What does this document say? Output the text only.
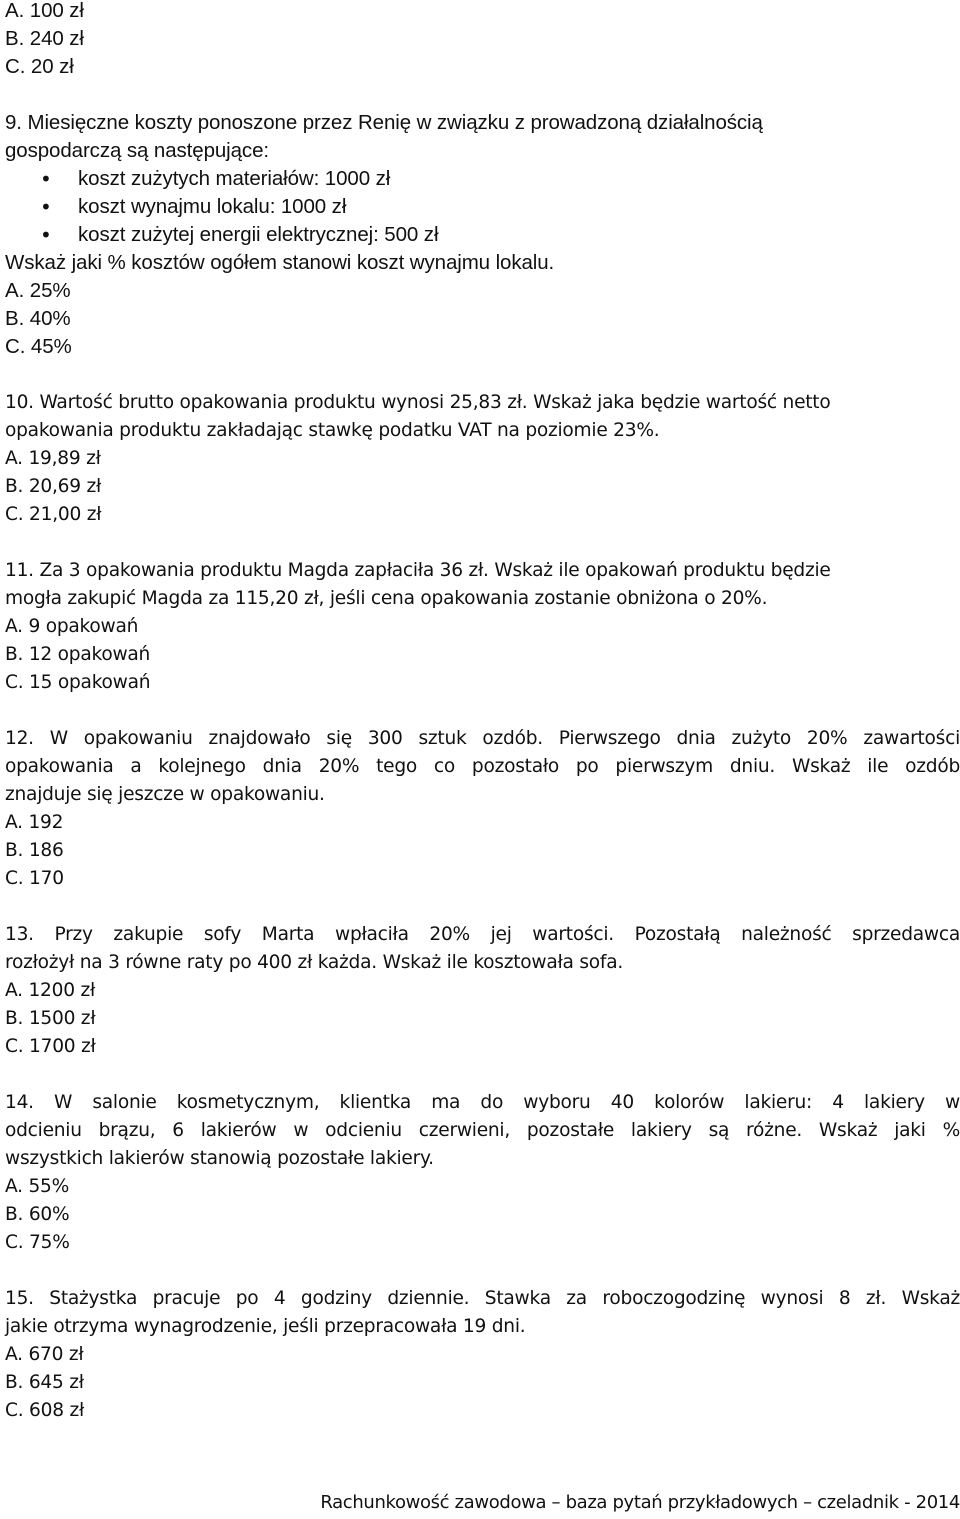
A. 100 zł

B. 240 zł

C. 20 zł

9. Miesięczne koszty ponoszone przez Renię w związku z prowadzoną działalnością

gospodarczą są następujące:

• koszt zużytych materiałów: 1000 zł

• koszt wynajmu lokalu: 1000 zł

• koszt zużytej energii elektrycznej: 500 zł

Wskaż jaki % kosztów ogółem stanowi koszt wynajmu lokalu.

A. 25%

B. 40%

C. 45%

10. Wartość brutto opakowania produktu wynosi 25,83 zł. Wskaż jaka będzie wartość netto

opakowania produktu zakładając stawkę podatku VAT na poziomie 23%.

A. 19,89 zł

B. 20,69 zł

C. 21,00 zł

11. Za 3 opakowania produktu Magda zapłaciła 36 zł. Wskaż ile opakowań produktu będzie

mogła zakupić Magda za 115,20 zł, jeśli cena opakowania zostanie obniżona o 20%.

A. 9 opakowań

B. 12 opakowań

C. 15 opakowań

12. W opakowaniu znajdowało się 300 sztuk ozdób. Pierwszego dnia zużyto 20% zawartości

opakowania a kolejnego dnia 20% tego co pozostało po pierwszym dniu. Wskaż ile ozdób

znajduje się jeszcze w opakowaniu.

A. 192

B. 186

C. 170

13. Przy zakupie sofy Marta wpłaciła 20% jej wartości. Pozostałą należność sprzedawca

rozłożył na 3 równe raty po 400 zł każda. Wskaż ile kosztowała sofa.

A. 1200 zł

B. 1500 zł

C. 1700 zł

14. W salonie kosmetycznym, klientka ma do wyboru 40 kolorów lakieru: 4 lakiery w

odcieniu brązu, 6 lakierów w odcieniu czerwieni, pozostałe lakiery są różne. Wskaż jaki %

wszystkich lakierów stanowią pozostałe lakiery.

A. 55%

B. 60%

C. 75%

15. Stażystka pracuje po 4 godziny dziennie. Stawka za roboczogodzinę wynosi 8 zł. Wskaż

jakie otrzyma wynagrodzenie, jeśli przepracowała 19 dni.

A. 670 zł

B. 645 zł

C. 608 zł

Rachunkowość zawodowa – baza pytań przykładowych – czeladnik - 2014
